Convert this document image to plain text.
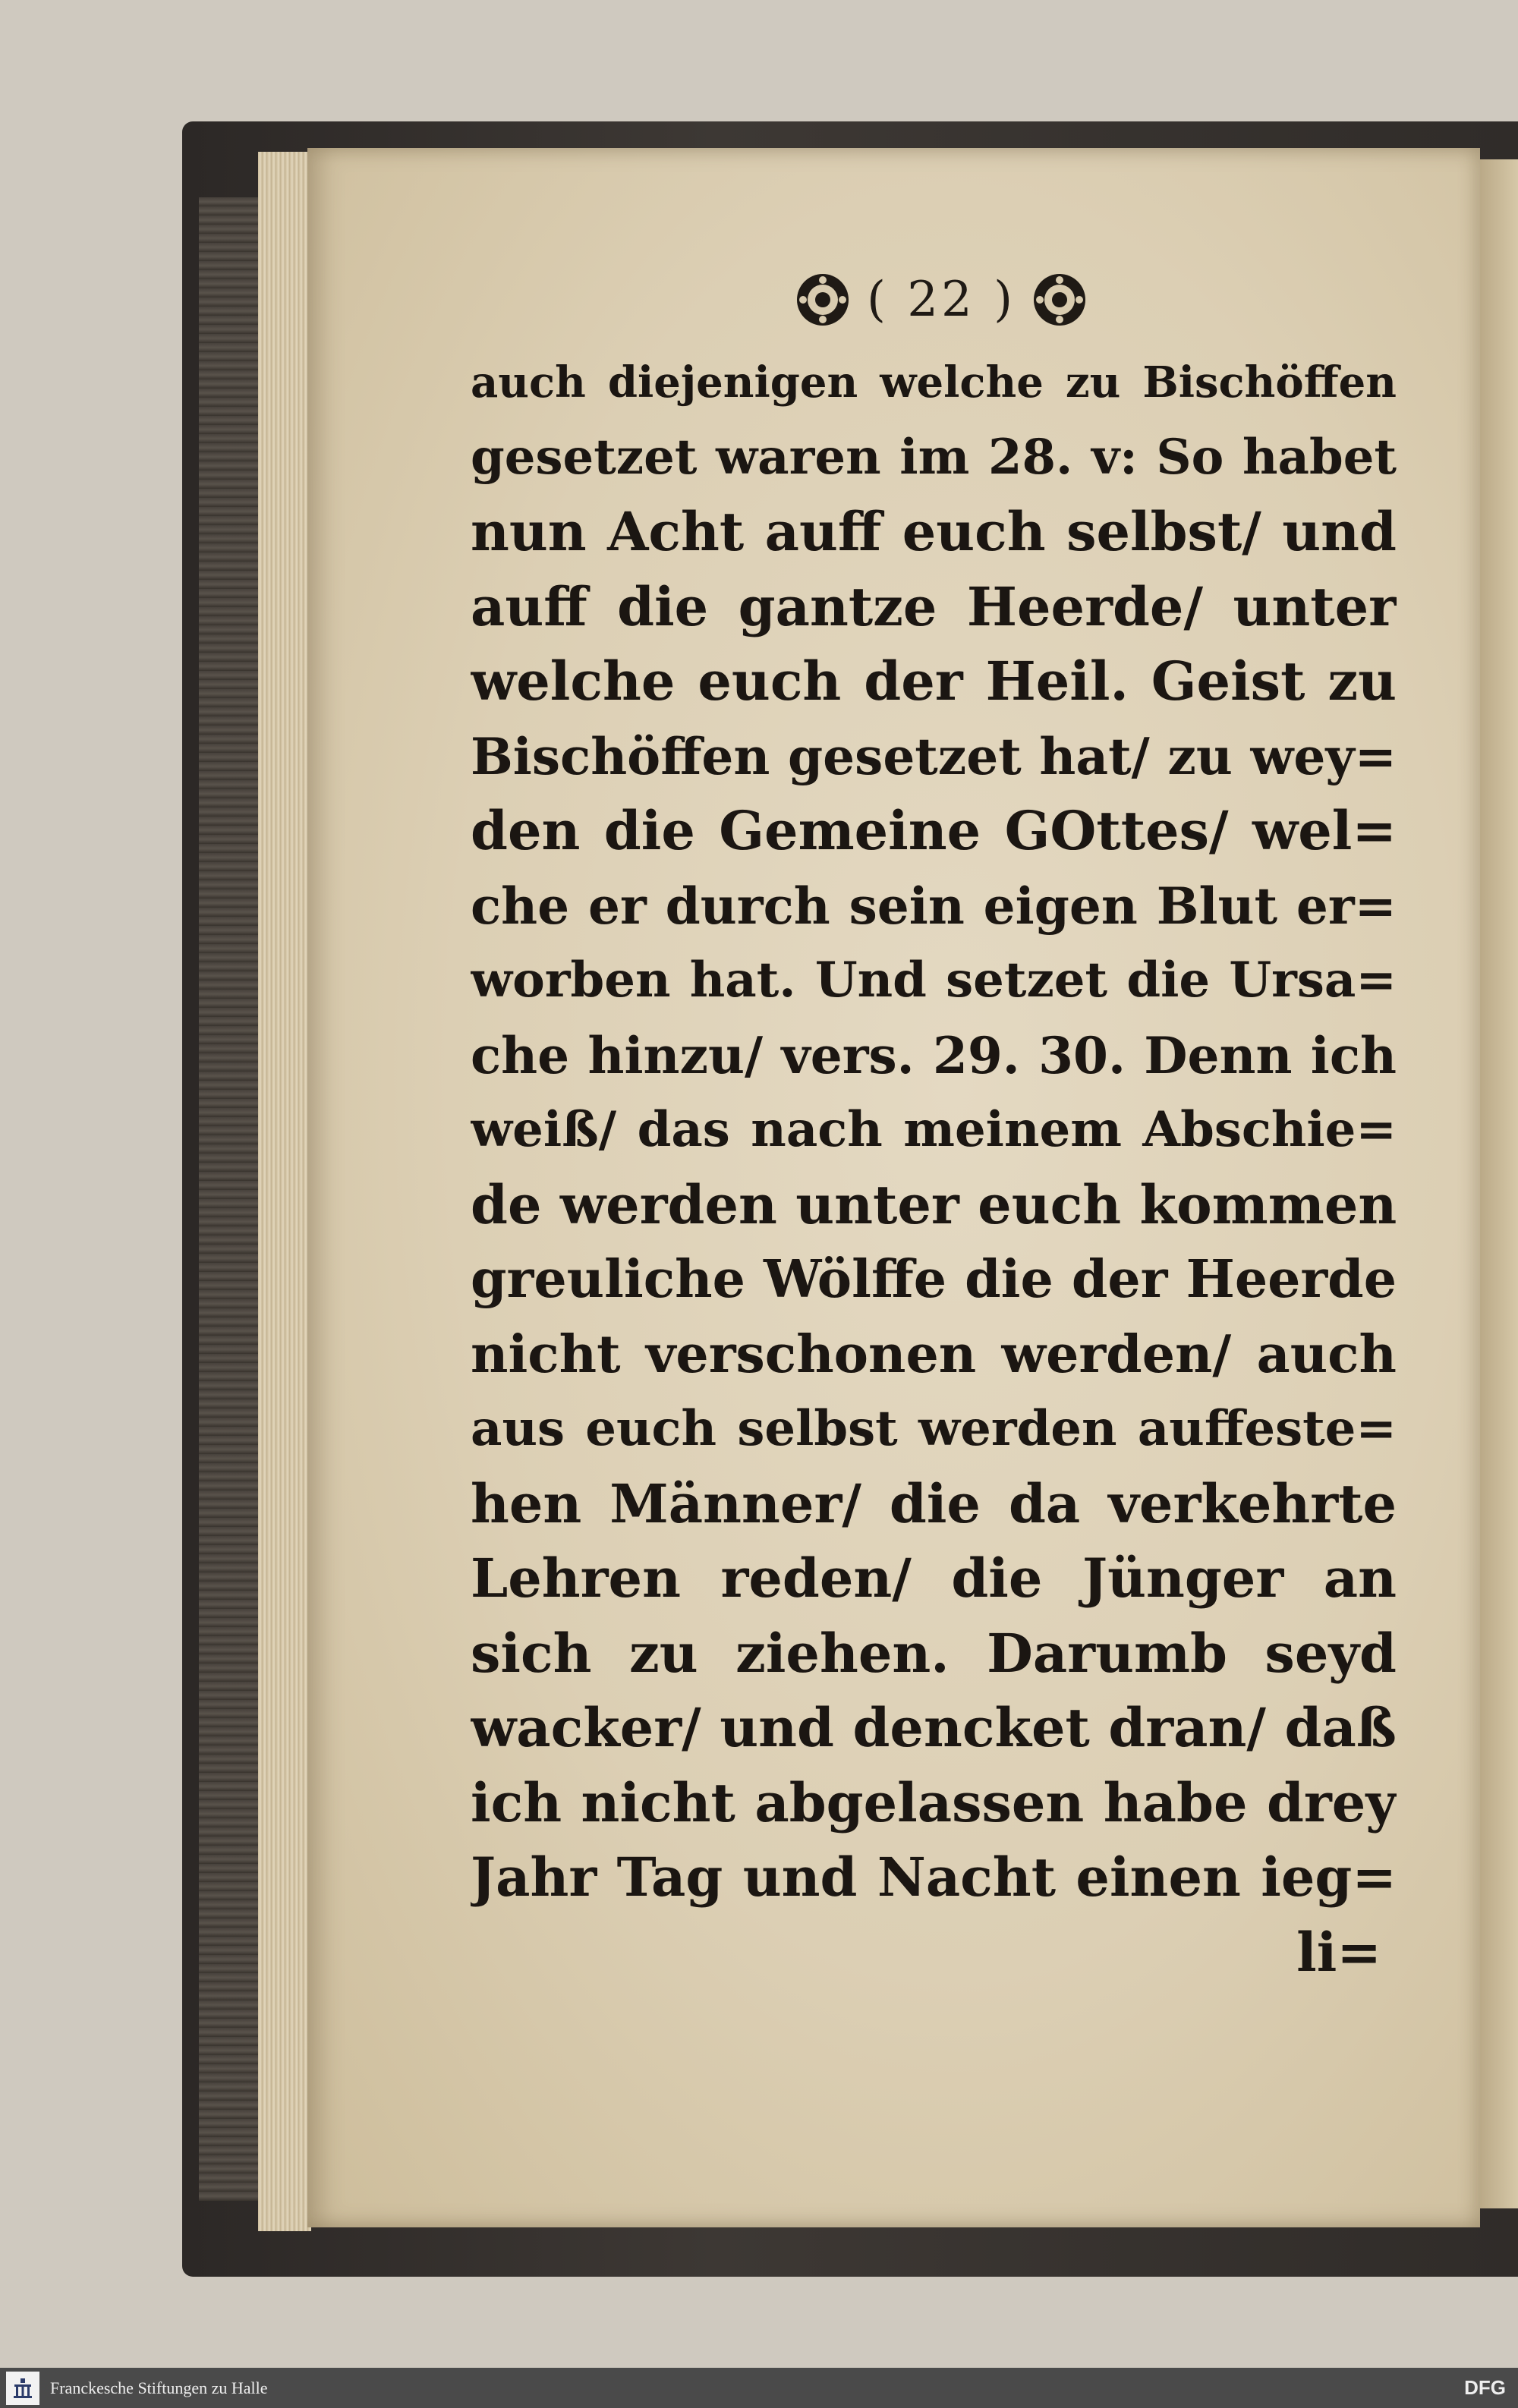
( 22 )
auch diejenigen welche zu Bischöffen
gesetzet waren im 28. v: So habet
nun Acht auff euch selbst/ und
auff die gantze Heerde/ unter
welche euch der Heil. Geist zu
Bischöffen gesetzet hat/ zu wey=
den die Gemeine GOttes/ wel=
che er durch sein eigen Blut er=
worben hat. Und setzet die Ursa=
che hinzu/ vers. 29. 30. Denn ich
weiß/ das nach meinem Abschie=
de werden unter euch kommen
greuliche Wölffe die der Heerde
nicht verschonen werden/ auch
aus euch selbst werden auffeste=
hen Männer/ die da verkehrte
Lehren reden/ die Jünger an
sich zu ziehen. Darumb seyd
wacker/ und dencket dran/ daß
ich nicht abgelassen habe drey
Jahr Tag und Nacht einen ieg=
li=
Franckesche Stiftungen zu Halle	DFG
